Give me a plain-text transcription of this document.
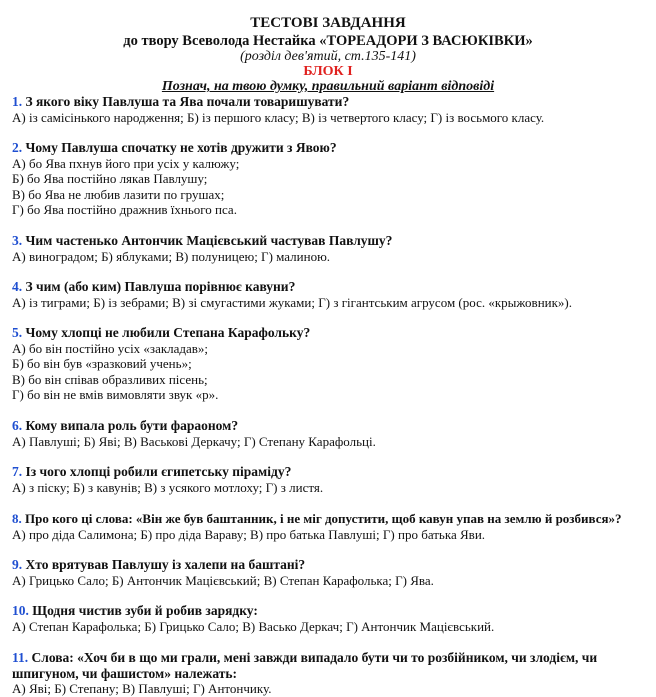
ТЕСТОВІ ЗАВДАННЯ
до твору Всеволода Нестайка «ТОРЕАДОРИ З ВАСЮКІВКИ»
(розділ дев'ятий, ст.135-141)
БЛОК І
Познач, на твою думку, правильний варіант відповіді
1. З якого віку Павлуша та Ява почали товаришувати?
А) із самісінького народження; Б) із першого класу; В) із четвертого класу; Г) із восьмого класу.
2. Чому Павлуша спочатку не хотів дружити з Явою?
А) бо Ява пхнув його при усіх у калюжу;
Б) бо Ява постійно лякав Павлушу;
В) бо Ява не любив лазити по грушах;
Г) бо Ява постійно дражнив їхнього пса.
3. Чим частенько Антончик Мацієвський частував Павлушу?
А) виноградом; Б) яблуками; В) полуницею; Г) малиною.
4. З чим (або ким) Павлуша порівнює кавуни?
А) із тиграми; Б) із зебрами; В) зі смугастими жуками; Г) з гігантським агрусом (рос. «крыжовник»).
5. Чому хлопці не любили Степана Карафольку?
А) бо він постійно усіх «закладав»;
Б) бо він був «зразковий учень»;
В) бо він співав образливих пісень;
Г) бо він не вмів вимовляти звук «р».
6. Кому випала роль бути фараоном?
А) Павлуші; Б) Яві; В) Васькові Деркачу; Г) Степану Карафольці.
7. Із чого хлопці робили єгипетську піраміду?
А) з піску; Б) з кавунів; В) з усякого мотлоху; Г) з листя.
8. Про кого ці слова: «Він же був баштанник, і не міг допустити, щоб кавун упав на землю й розбився»?
А) про діда Салимона; Б) про діда Вараву; В) про батька Павлуші; Г) про батька Яви.
9. Хто врятував Павлушу із халепи на баштані?
А) Грицько Сало; Б) Антончик Мацієвський; В) Степан Карафолька; Г) Ява.
10. Щодня чистив зуби й робив зарядку:
А) Степан Карафолька; Б) Грицько Сало; В) Васько Деркач; Г) Антончик Мацієвський.
11. Слова: «Хоч би в що ми грали, мені завжди випадало бути чи то розбійником, чи злодієм, чи шпигуном, чи фашистом» належать:
А) Яві; Б) Степану; В) Павлуші; Г) Антончику.
